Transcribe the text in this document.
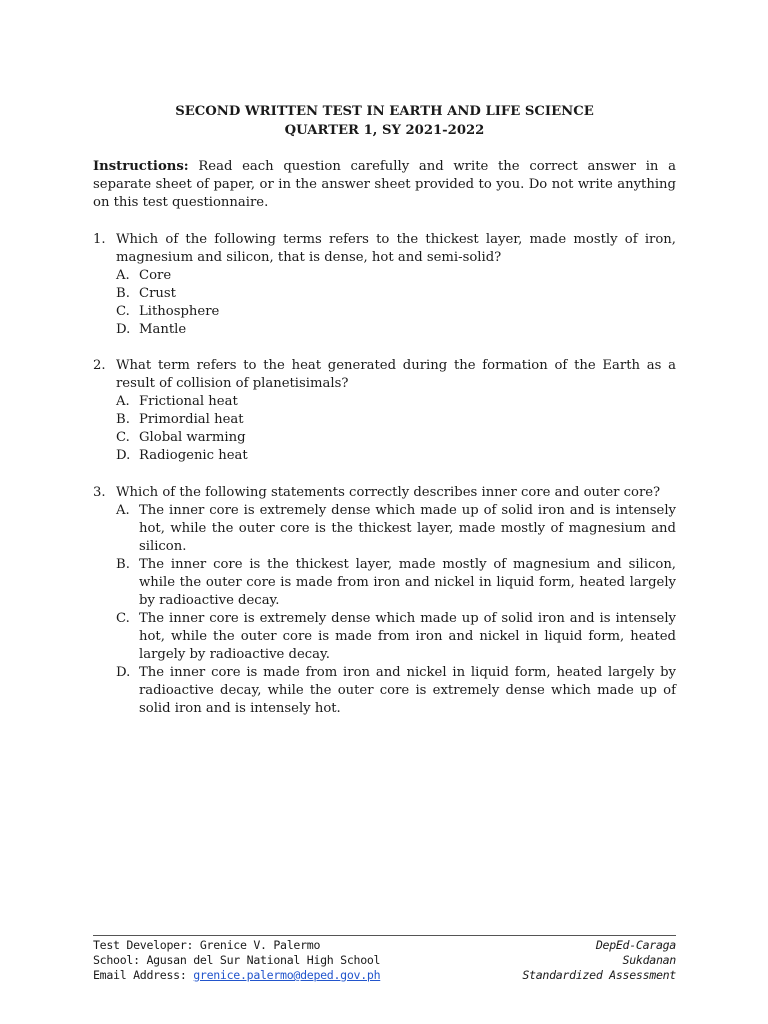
SECOND WRITTEN TEST IN EARTH AND LIFE SCIENCE
QUARTER 1, SY 2021-2022
Instructions: Read each question carefully and write the correct answer in a separate sheet of paper, or in the answer sheet provided to you. Do not write anything on this test questionnaire.
1. Which of the following terms refers to the thickest layer, made mostly of iron, magnesium and silicon, that is dense, hot and semi-solid?
A. Core
B. Crust
C. Lithosphere
D. Mantle
2. What term refers to the heat generated during the formation of the Earth as a result of collision of planetisimals?
A. Frictional heat
B. Primordial heat
C. Global warming
D. Radiogenic heat
3. Which of the following statements correctly describes inner core and outer core?
A. The inner core is extremely dense which made up of solid iron and is intensely hot, while the outer core is the thickest layer, made mostly of magnesium and silicon.
B. The inner core is the thickest layer, made mostly of magnesium and silicon, while the outer core is made from iron and nickel in liquid form, heated largely by radioactive decay.
C. The inner core is extremely dense which made up of solid iron and is intensely hot, while the outer core is made from iron and nickel in liquid form, heated largely by radioactive decay.
D. The inner core is made from iron and nickel in liquid form, heated largely by radioactive decay, while the outer core is extremely dense which made up of solid iron and is intensely hot.
Test Developer: Grenice V. Palermo
School: Agusan del Sur National High School
Email Address: grenice.palermo@deped.gov.ph
DepEd-Caraga
Sukdanan
Standardized Assessment
